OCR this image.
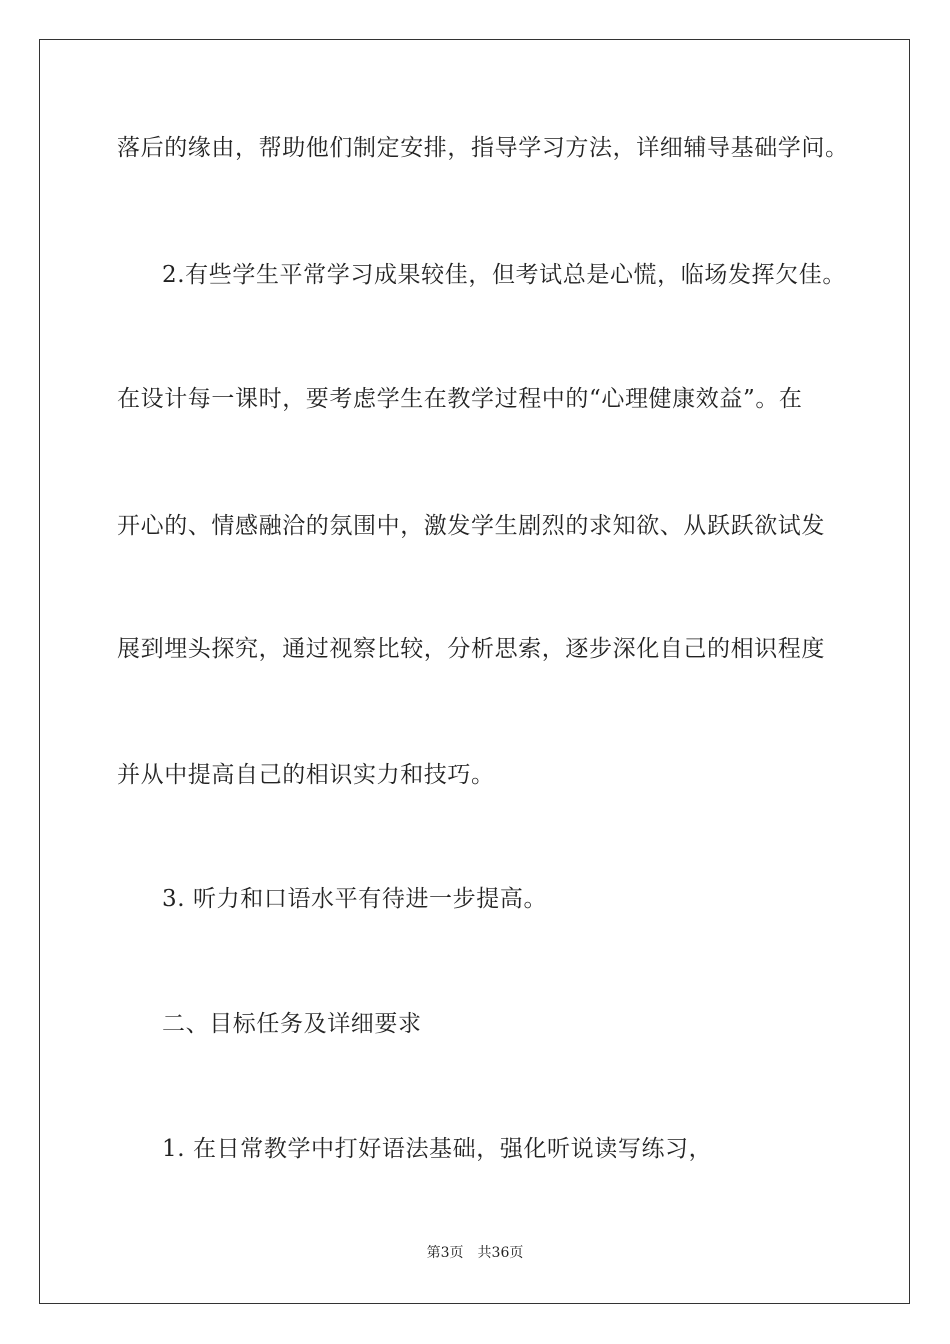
落后的缘由，帮助他们制定安排，指导学习方法，详细辅导基础学问。
2.有些学生平常学习成果较佳，但考试总是心慌，临场发挥欠佳。
在设计每一课时，要考虑学生在教学过程中的“心理健康效益”。在
开心的、情感融洽的氛围中，激发学生剧烈的求知欲、从跃跃欲试发
展到埋头探究，通过视察比较，分析思索，逐步深化自己的相识程度
并从中提高自己的相识实力和技巧。
3. 听力和口语水平有待进一步提高。
二、目标任务及详细要求
1. 在日常教学中打好语法基础，强化听说读写练习，
第3页 共36页
